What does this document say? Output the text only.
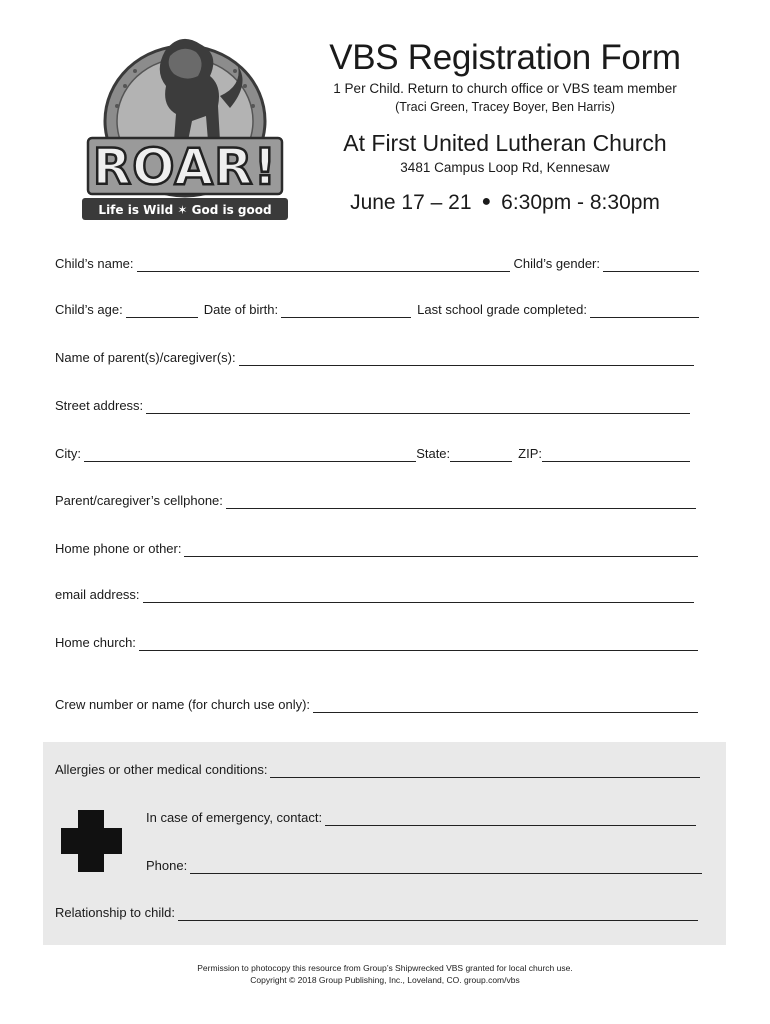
ROAR!
Life is Wild ✶ God is good
VBS Registration Form
1 Per Child. Return to church office or VBS team member
(Traci Green, Tracey Boyer, Ben Harris)
At First United Lutheran Church
3481 Campus Loop Rd, Kennesaw
June 17 – 21 ● 6:30pm - 8:30pm
Child’s name:	Child’s gender:
Child’s age:	Date of birth:	Last school grade completed:
Name of parent(s)/caregiver(s):
Street address:
City:	State:	ZIP:
Parent/caregiver’s cellphone:
Home phone or other:
email address:
Home church:
Crew number or name (for church use only):
Allergies or other medical conditions:
In case of emergency, contact:
Phone:
Relationship to child:
Permission to photocopy this resource from Group’s Shipwrecked VBS granted for local church use.
Copyright © 2018 Group Publishing, Inc., Loveland, CO. group.com/vbs
